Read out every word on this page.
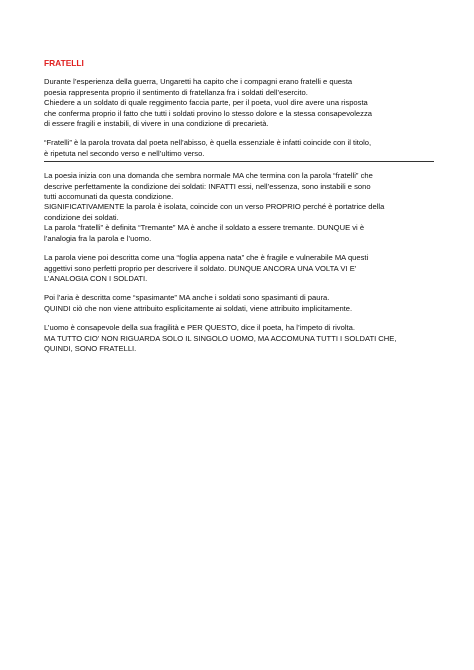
FRATELLI
Durante l’esperienza della guerra, Ungaretti ha capito che i compagni erano fratelli e questa
poesia rappresenta proprio il sentimento di fratellanza fra i soldati dell’esercito.
Chiedere a un soldato di quale reggimento faccia parte, per il poeta, vuol dire avere una risposta
che conferma proprio il fatto che tutti i soldati provino lo stesso dolore e la stessa consapevolezza
di essere fragili e instabili, di vivere in una condizione di precarietà.
“Fratelli” è la parola trovata dal poeta nell’abisso, è quella essenziale è infatti coincide con il titolo,
è ripetuta nel secondo verso e nell’ultimo verso.
La poesia inizia con una domanda che sembra normale MA che termina con la parola “fratelli” che
descrive perfettamente la condizione dei soldati: INFATTI essi, nell’essenza, sono instabili e sono
tutti accomunati da questa condizione.
SIGNIFICATIVAMENTE la parola è isolata, coincide con un verso PROPRIO perché è portatrice della
condizione dei soldati.
La parola “fratelli” è definita “Tremante” MA è anche il soldato a essere tremante. DUNQUE vi è
l’analogia fra la parola e l’uomo.
La parola viene poi descritta come una “foglia appena nata” che è fragile e vulnerabile MA questi
aggettivi sono perfetti proprio per descrivere il soldato. DUNQUE ANCORA UNA VOLTA VI E’
L’ANALOGIA CON I SOLDATI.
Poi l’aria è descritta come “spasimante” MA anche i soldati sono spasimanti di paura.
QUINDI ciò che non viene attribuito esplicitamente ai soldati, viene attribuito implicitamente.
L’uomo è consapevole della sua fragilità e PER QUESTO, dice il poeta, ha l’impeto di rivolta.
MA TUTTO CIO’ NON RIGUARDA SOLO IL SINGOLO UOMO, MA ACCOMUNA TUTTI I SOLDATI CHE,
QUINDI, SONO FRATELLI.
